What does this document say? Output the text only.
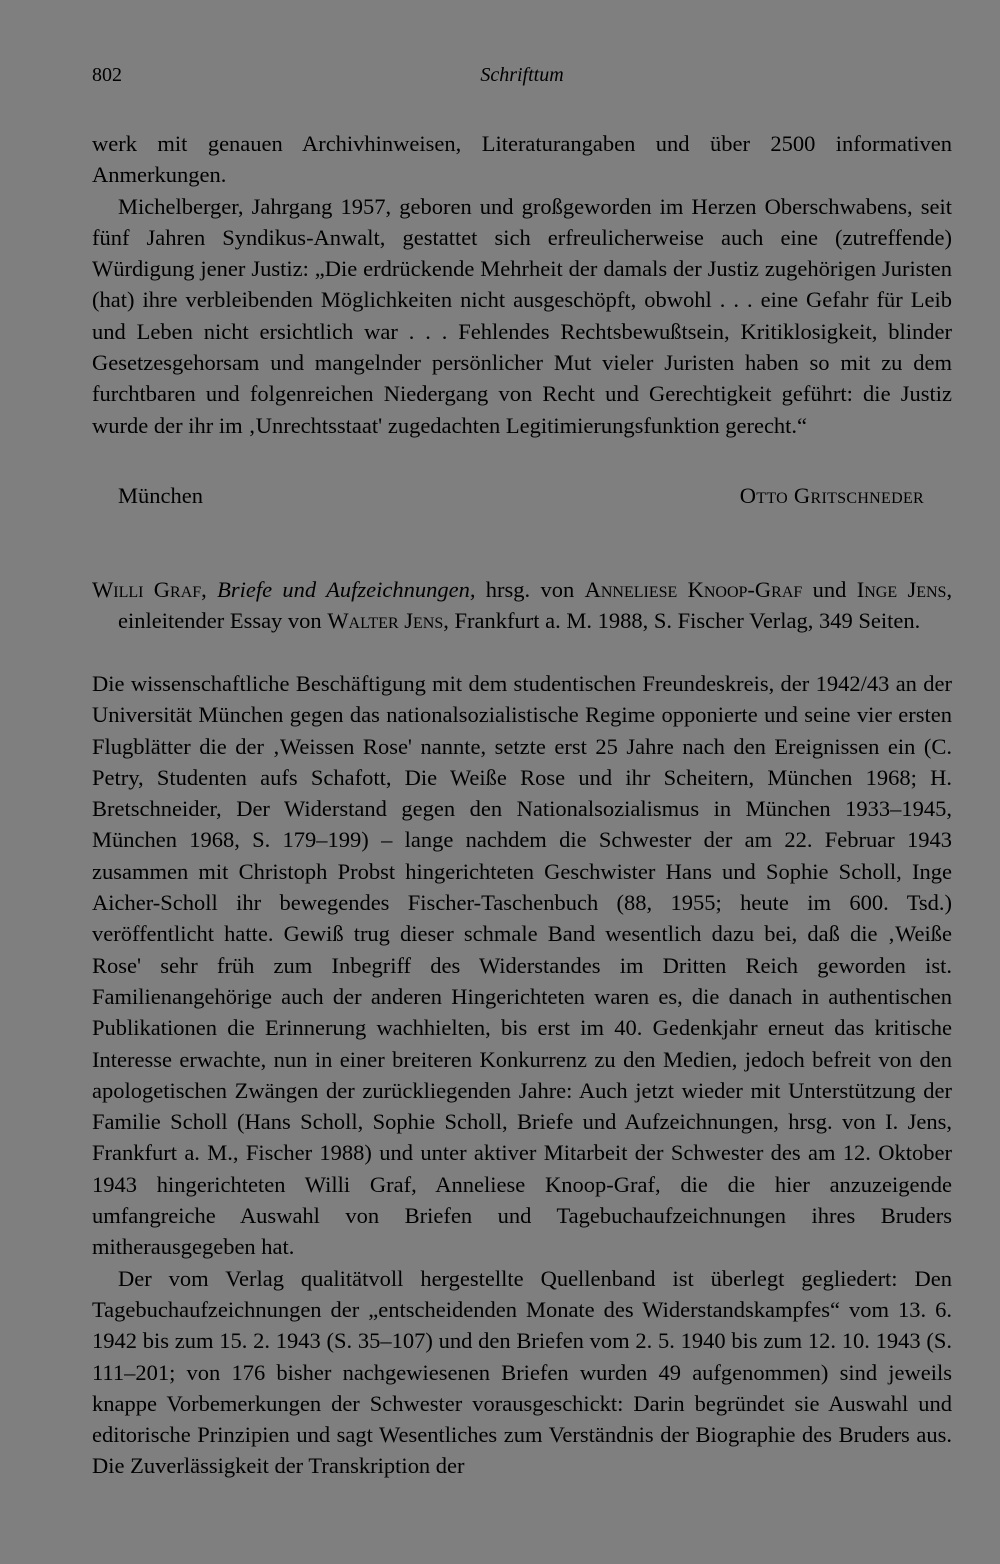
802	Schrifttum

werk mit genauen Archivhinweisen, Literaturangaben und über 2500 informativen Anmerkungen.

Michelberger, Jahrgang 1957, geboren und großgeworden im Herzen Oberschwabens, seit fünf Jahren Syndikus-Anwalt, gestattet sich erfreulicherweise auch eine (zutreffende) Würdigung jener Justiz: „Die erdrückende Mehrheit der damals der Justiz zugehörigen Juristen (hat) ihre verbleibenden Möglichkeiten nicht ausgeschöpft, obwohl . . . eine Gefahr für Leib und Leben nicht ersichtlich war . . . Fehlendes Rechtsbewußtsein, Kritiklosigkeit, blinder Gesetzesgehorsam und mangelnder persönlicher Mut vieler Juristen haben so mit zu dem furchtbaren und folgenreichen Niedergang von Recht und Gerechtigkeit geführt: die Justiz wurde der ihr im ‚Unrechtsstaat' zugedachten Legitimierungsfunktion gerecht.“

München	Otto Gritschneder
Willi Graf, Briefe und Aufzeichnungen, hrsg. von Anneliese Knoop-Graf und Inge Jens, einleitender Essay von Walter Jens, Frankfurt a. M. 1988, S. Fischer Verlag, 349 Seiten.

Die wissenschaftliche Beschäftigung mit dem studentischen Freundeskreis, der 1942/43 an der Universität München gegen das nationalsozialistische Regime opponierte und seine vier ersten Flugblätter die der ‚Weissen Rose' nannte, setzte erst 25 Jahre nach den Ereignissen ein (C. Petry, Studenten aufs Schafott, Die Weiße Rose und ihr Scheitern, München 1968; H. Bretschneider, Der Widerstand gegen den Nationalsozialismus in München 1933–1945, München 1968, S. 179–199) – lange nachdem die Schwester der am 22. Februar 1943 zusammen mit Christoph Probst hingerichteten Geschwister Hans und Sophie Scholl, Inge Aicher-Scholl ihr bewegendes Fischer-Taschenbuch (88, 1955; heute im 600. Tsd.) veröffentlicht hatte. Gewiß trug dieser schmale Band wesentlich dazu bei, daß die ‚Weiße Rose' sehr früh zum Inbegriff des Widerstandes im Dritten Reich geworden ist. Familienangehörige auch der anderen Hingerichteten waren es, die danach in authentischen Publikationen die Erinnerung wachhielten, bis erst im 40. Gedenkjahr erneut das kritische Interesse erwachte, nun in einer breiteren Konkurrenz zu den Medien, jedoch befreit von den apologetischen Zwängen der zurückliegenden Jahre: Auch jetzt wieder mit Unterstützung der Familie Scholl (Hans Scholl, Sophie Scholl, Briefe und Aufzeichnungen, hrsg. von I. Jens, Frankfurt a. M., Fischer 1988) und unter aktiver Mitarbeit der Schwester des am 12. Oktober 1943 hingerichteten Willi Graf, Anneliese Knoop-Graf, die die hier anzuzeigende umfangreiche Auswahl von Briefen und Tagebuchaufzeichnungen ihres Bruders mitherausgegeben hat.

Der vom Verlag qualitätvoll hergestellte Quellenband ist überlegt gegliedert: Den Tagebuchaufzeichnungen der „entscheidenden Monate des Widerstandskampfes“ vom 13. 6. 1942 bis zum 15. 2. 1943 (S. 35–107) und den Briefen vom 2. 5. 1940 bis zum 12. 10. 1943 (S. 111–201; von 176 bisher nachgewiesenen Briefen wurden 49 aufgenommen) sind jeweils knappe Vorbemerkungen der Schwester vorausgeschickt: Darin begründet sie Auswahl und editorische Prinzipien und sagt Wesentliches zum Verständnis der Biographie des Bruders aus. Die Zuverlässigkeit der Transkription der
